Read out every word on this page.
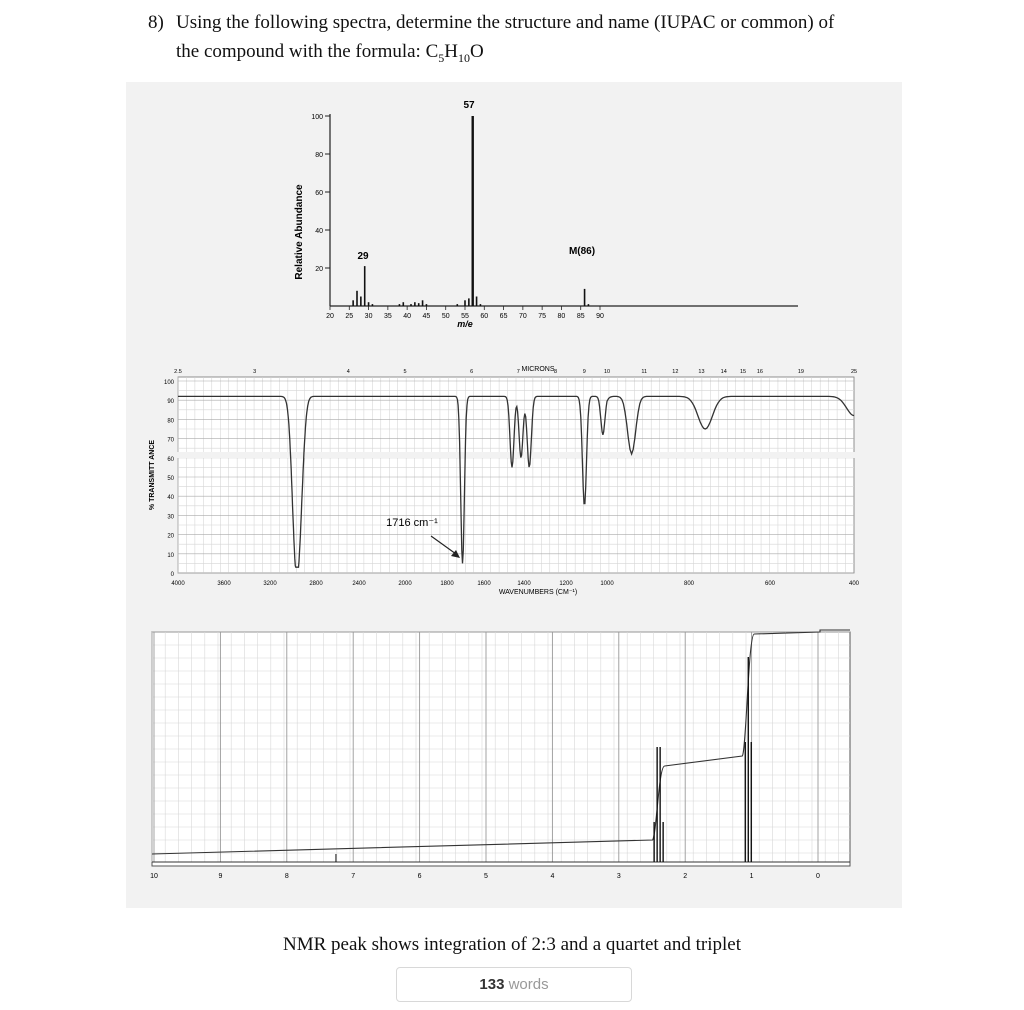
8) Using the following spectra, determine the structure and name (IUPAC or common) of
the compound with the formula: $C_5H_{10}O$
Relative Abundance
m/e
100
80
60
40
20
20 25 30 35 40 45 50 55 60 65 70 75 80 85 90
57
29	M(86)
MICRONS
2.5	3	4	5	6	7	8	9	10	11	12	13	14 15 16	19	25
100
90
80
70
60
50
40
30
20
10
0
4000	3600	3200	2800	2400	2000	1800	1600	1400	1200	1000	800	600	400
% TRANSMITT ANCE
WAVENUMBERS (CM⁻¹)
1716 cm⁻¹
10	9	8	7	6	5	4	3	2	1	0
NMR peak shows integration of 2:3 and a quartet and triplet
133 words
